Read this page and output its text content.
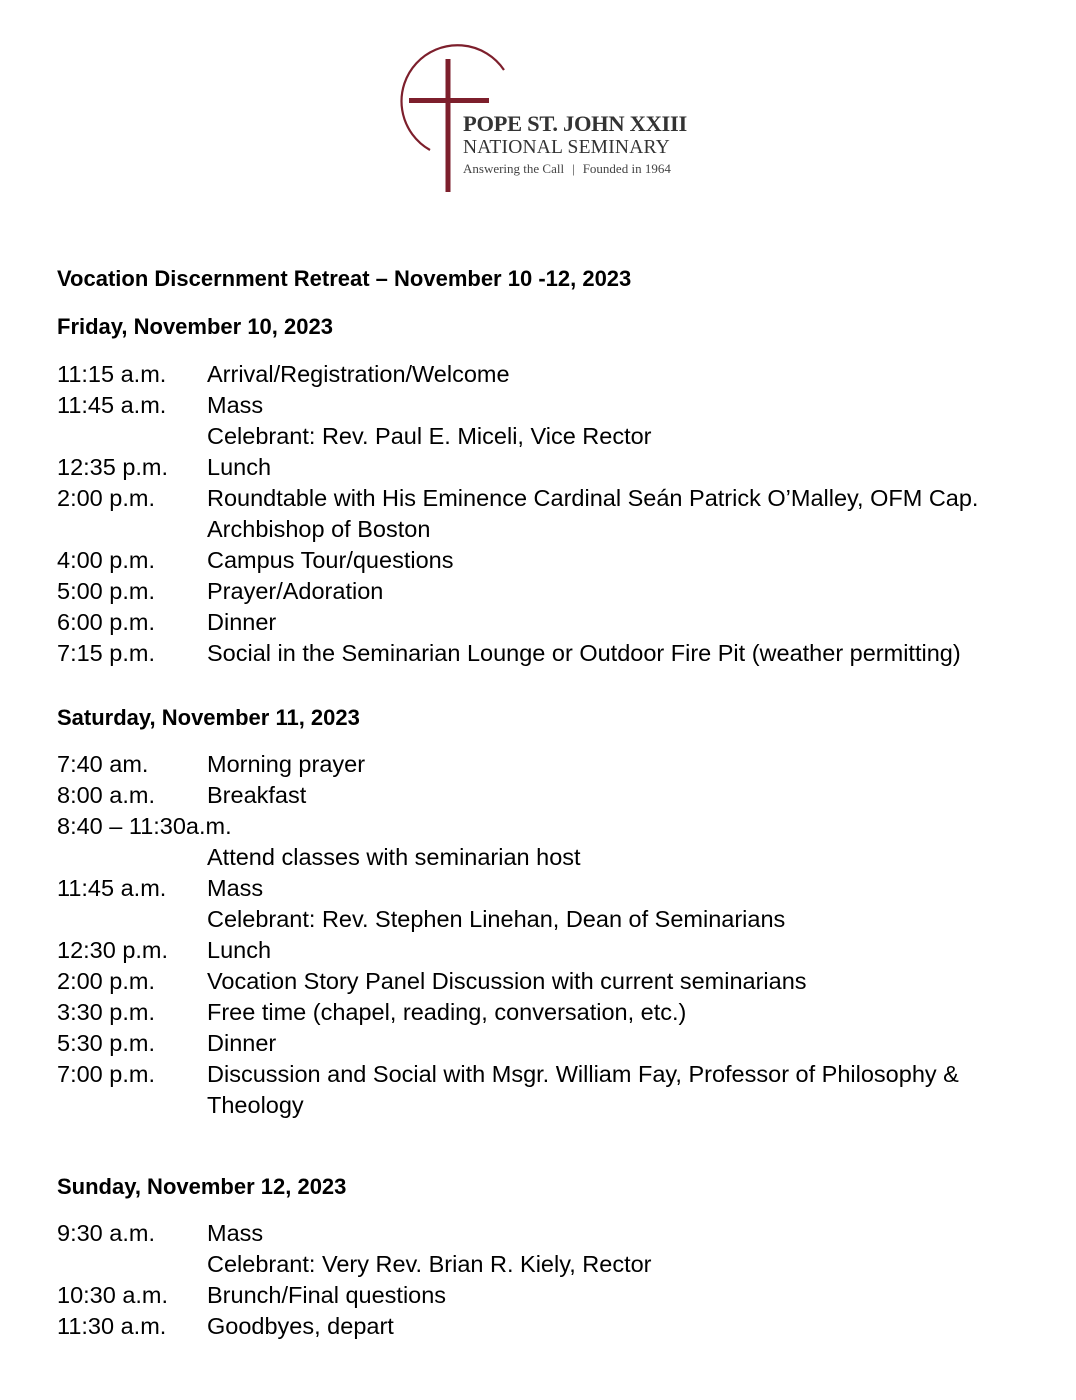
POPE ST. JOHN XXIII
NATIONAL SEMINARY
Answering the Call | Founded in 1964
Vocation Discernment Retreat – November 10 -12, 2023
Friday, November 10, 2023
11:15 a.m. Arrival/Registration/Welcome
11:45 a.m. Mass
Celebrant: Rev. Paul E. Miceli, Vice Rector
12:35 p.m. Lunch
2:00 p.m. Roundtable with His Eminence Cardinal Seán Patrick O’Malley, OFM Cap.
Archbishop of Boston
4:00 p.m. Campus Tour/questions
5:00 p.m. Prayer/Adoration
6:00 p.m. Dinner
7:15 p.m. Social in the Seminarian Lounge or Outdoor Fire Pit (weather permitting)
Saturday, November 11, 2023
7:40 am. Morning prayer
8:00 a.m. Breakfast
8:40 – 11:30a.m.
Attend classes with seminarian host
11:45 a.m. Mass
Celebrant: Rev. Stephen Linehan, Dean of Seminarians
12:30 p.m. Lunch
2:00 p.m. Vocation Story Panel Discussion with current seminarians
3:30 p.m. Free time (chapel, reading, conversation, etc.)
5:30 p.m. Dinner
7:00 p.m. Discussion and Social with Msgr. William Fay, Professor of Philosophy &
Theology
Sunday, November 12, 2023
9:30 a.m. Mass
Celebrant: Very Rev. Brian R. Kiely, Rector
10:30 a.m. Brunch/Final questions
11:30 a.m. Goodbyes, depart
